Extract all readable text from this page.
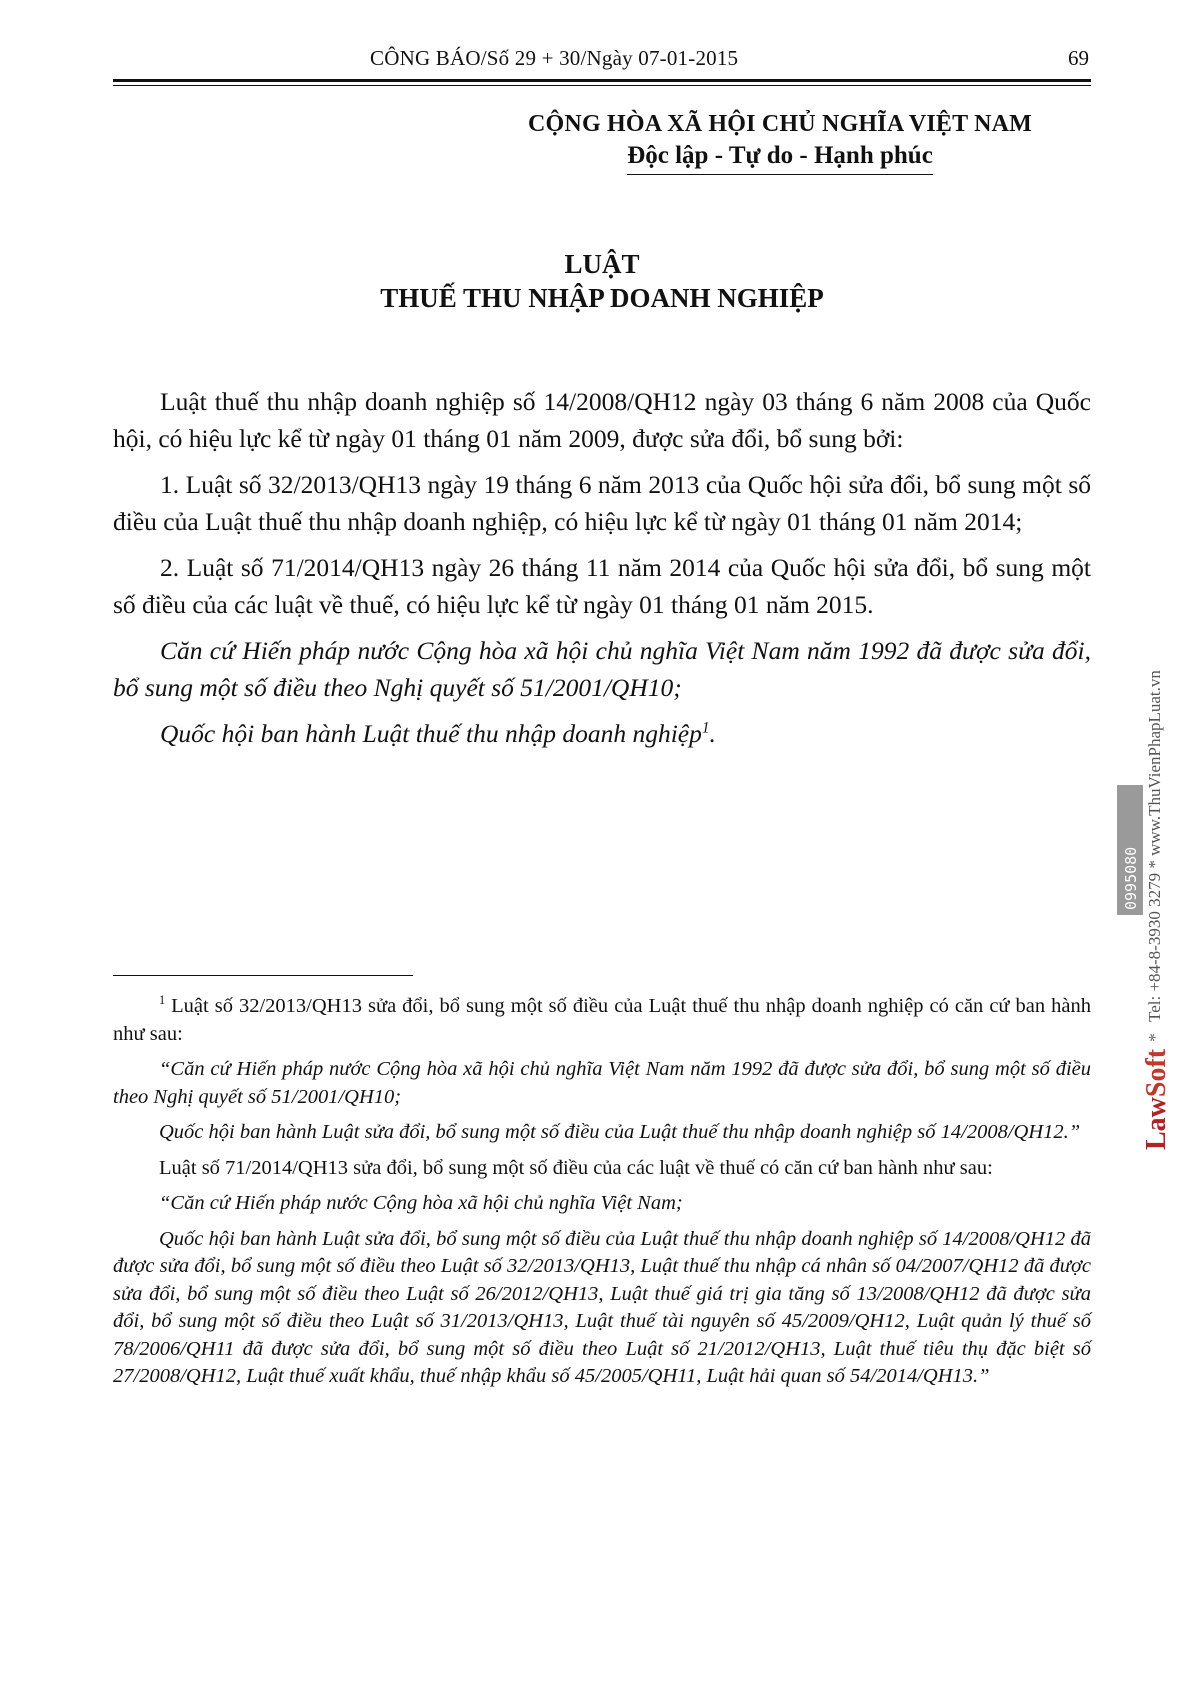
CÔNG BÁO/Số 29 + 30/Ngày 07-01-2015	69
CỘNG HÒA XÃ HỘI CHỦ NGHĨA VIỆT NAM
Độc lập - Tự do - Hạnh phúc
LUẬT
THUẾ THU NHẬP DOANH NGHIỆP

Luật thuế thu nhập doanh nghiệp số 14/2008/QH12 ngày 03 tháng 6 năm 2008 của Quốc hội, có hiệu lực kể từ ngày 01 tháng 01 năm 2009, được sửa đổi, bổ sung bởi:

1. Luật số 32/2013/QH13 ngày 19 tháng 6 năm 2013 của Quốc hội sửa đổi, bổ sung một số điều của Luật thuế thu nhập doanh nghiệp, có hiệu lực kể từ ngày 01 tháng 01 năm 2014;

2. Luật số 71/2014/QH13 ngày 26 tháng 11 năm 2014 của Quốc hội sửa đổi, bổ sung một số điều của các luật về thuế, có hiệu lực kể từ ngày 01 tháng 01 năm 2015.

Căn cứ Hiến pháp nước Cộng hòa xã hội chủ nghĩa Việt Nam năm 1992 đã được sửa đổi, bổ sung một số điều theo Nghị quyết số 51/2001/QH10;

Quốc hội ban hành Luật thuế thu nhập doanh nghiệp$^1$.

$^1$ Luật số 32/2013/QH13 sửa đổi, bổ sung một số điều của Luật thuế thu nhập doanh nghiệp có căn cứ ban hành như sau:

“Căn cứ Hiến pháp nước Cộng hòa xã hội chủ nghĩa Việt Nam năm 1992 đã được sửa đổi, bổ sung một số điều theo Nghị quyết số 51/2001/QH10;

Quốc hội ban hành Luật sửa đổi, bổ sung một số điều của Luật thuế thu nhập doanh nghiệp số 14/2008/QH12.”

Luật số 71/2014/QH13 sửa đổi, bổ sung một số điều của các luật về thuế có căn cứ ban hành như sau:

“Căn cứ Hiến pháp nước Cộng hòa xã hội chủ nghĩa Việt Nam;

Quốc hội ban hành Luật sửa đổi, bổ sung một số điều của Luật thuế thu nhập doanh nghiệp số 14/2008/QH12 đã được sửa đổi, bổ sung một số điều theo Luật số 32/2013/QH13, Luật thuế thu nhập cá nhân số 04/2007/QH12 đã được sửa đổi, bổ sung một số điều theo Luật số 26/2012/QH13, Luật thuế giá trị gia tăng số 13/2008/QH12 đã được sửa đổi, bổ sung một số điều theo Luật số 31/2013/QH13, Luật thuế tài nguyên số 45/2009/QH12, Luật quản lý thuế số 78/2006/QH11 đã được sửa đổi, bổ sung một số điều theo Luật số 21/2012/QH13, Luật thuế tiêu thụ đặc biệt số 27/2008/QH12, Luật thuế xuất khẩu, thuế nhập khẩu số 45/2005/QH11, Luật hải quan số 54/2014/QH13.”

LawSoft
*
Tel: +84-8-3930 3279 * www.ThuVienPhapLuat.vn
0995080
